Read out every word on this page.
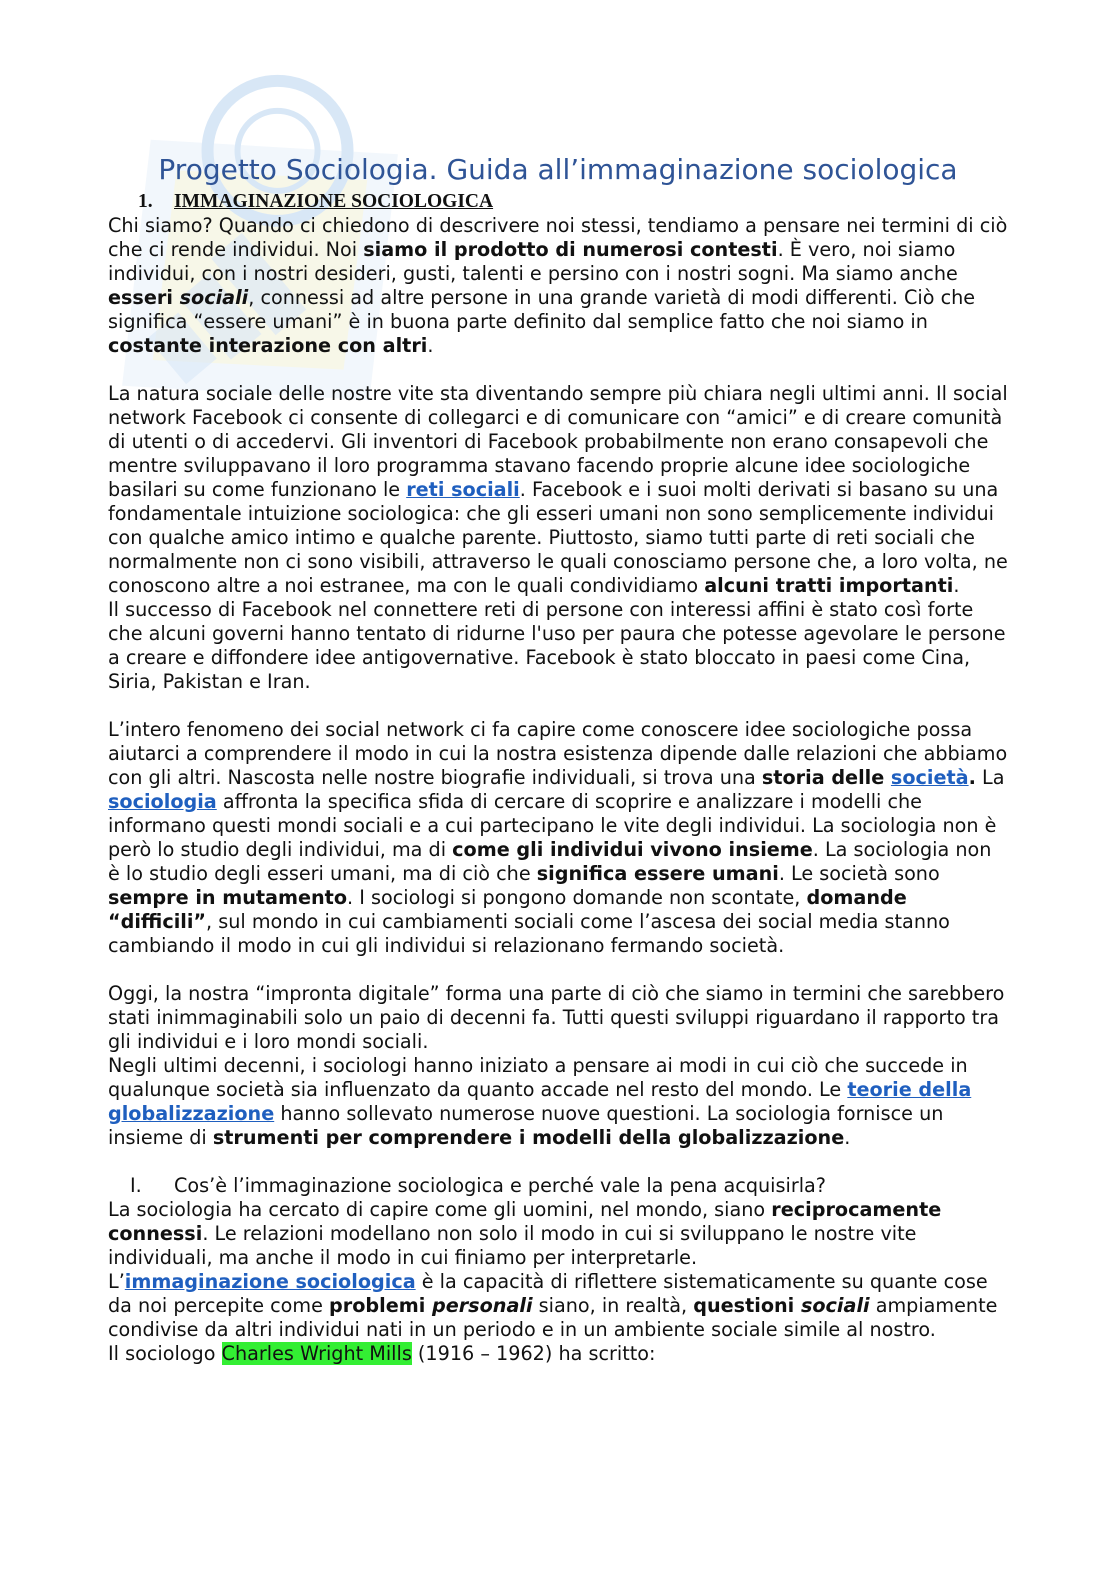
Progetto Sociologia. Guida all’immaginazione sociologica
1. IMMAGINAZIONE SOCIOLOGICA

Chi siamo? Quando ci chiedono di descrivere noi stessi, tendiamo a pensare nei termini di ciò che ci rende individui. Noi siamo il prodotto di numerosi contesti. È vero, noi siamo individui, con i nostri desideri, gusti, talenti e persino con i nostri sogni. Ma siamo anche esseri sociali, connessi ad altre persone in una grande varietà di modi differenti. Ciò che significa “essere umani” è in buona parte definito dal semplice fatto che noi siamo in costante interazione con altri.

La natura sociale delle nostre vite sta diventando sempre più chiara negli ultimi anni. Il social network Facebook ci consente di collegarci e di comunicare con “amici” e di creare comunità di utenti o di accedervi. Gli inventori di Facebook probabilmente non erano consapevoli che mentre sviluppavano il loro programma stavano facendo proprie alcune idee sociologiche basilari su come funzionano le reti sociali. Facebook e i suoi molti derivati si basano su una fondamentale intuizione sociologica: che gli esseri umani non sono semplicemente individui con qualche amico intimo e qualche parente. Piuttosto, siamo tutti parte di reti sociali che normalmente non ci sono visibili, attraverso le quali conosciamo persone che, a loro volta, ne conoscono altre a noi estranee, ma con le quali condividiamo alcuni tratti importanti.

Il successo di Facebook nel connettere reti di persone con interessi affini è stato così forte che alcuni governi hanno tentato di ridurne l'uso per paura che potesse agevolare le persone a creare e diffondere idee antigovernative. Facebook è stato bloccato in paesi come Cina, Siria, Pakistan e Iran.

L’intero fenomeno dei social network ci fa capire come conoscere idee sociologiche possa aiutarci a comprendere il modo in cui la nostra esistenza dipende dalle relazioni che abbiamo con gli altri. Nascosta nelle nostre biografie individuali, si trova una storia delle società. La sociologia affronta la specifica sfida di cercare di scoprire e analizzare i modelli che informano questi mondi sociali e a cui partecipano le vite degli individui. La sociologia non è però lo studio degli individui, ma di come gli individui vivono insieme. La sociologia non è lo studio degli esseri umani, ma di ciò che significa essere umani. Le società sono sempre in mutamento. I sociologi si pongono domande non scontate, domande “difficili”, sul mondo in cui cambiamenti sociali come l’ascesa dei social media stanno cambiando il modo in cui gli individui si relazionano fermando società.

Oggi, la nostra “impronta digitale” forma una parte di ciò che siamo in termini che sarebbero stati inimmaginabili solo un paio di decenni fa. Tutti questi sviluppi riguardano il rapporto tra gli individui e i loro mondi sociali.

Negli ultimi decenni, i sociologi hanno iniziato a pensare ai modi in cui ciò che succede in qualunque società sia influenzato da quanto accade nel resto del mondo. Le teorie della globalizzazione hanno sollevato numerose nuove questioni. La sociologia fornisce un insieme di strumenti per comprendere i modelli della globalizzazione.

I. Cos’è l’immaginazione sociologica e perché vale la pena acquisirla?

La sociologia ha cercato di capire come gli uomini, nel mondo, siano reciprocamente connessi. Le relazioni modellano non solo il modo in cui si sviluppano le nostre vite individuali, ma anche il modo in cui finiamo per interpretarle.

L’immaginazione sociologica è la capacità di riflettere sistematicamente su quante cose da noi percepite come problemi personali siano, in realtà, questioni sociali ampiamente condivise da altri individui nati in un periodo e in un ambiente sociale simile al nostro.

Il sociologo Charles Wright Mills (1916 – 1962) ha scritto:
